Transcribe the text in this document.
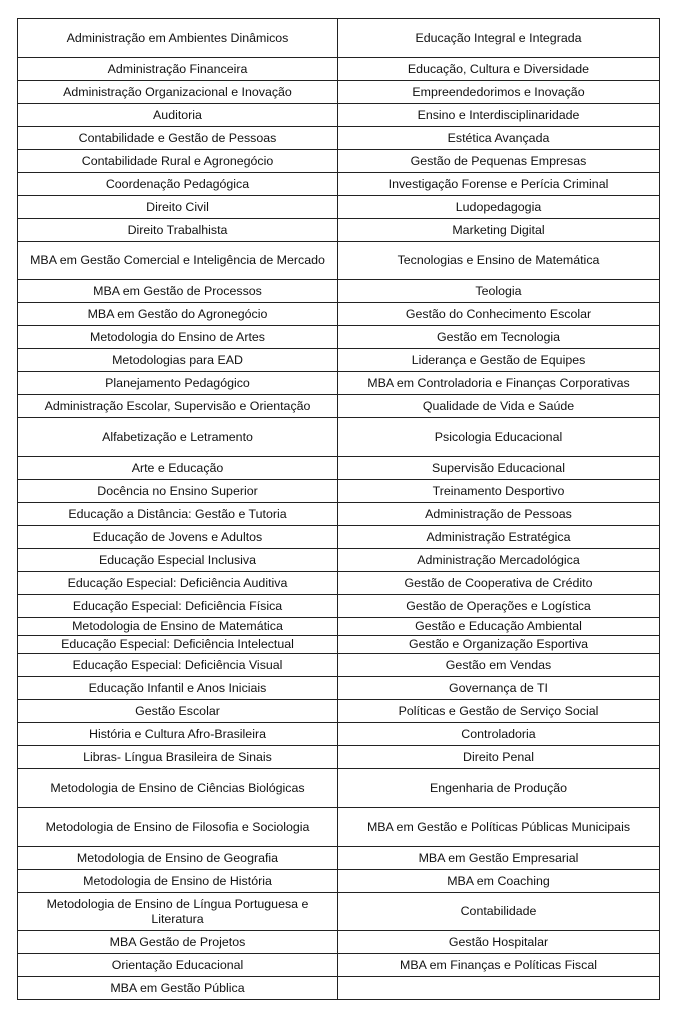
Administração em Ambientes Dinâmicos	Educação Integral e Integrada
Administração Financeira	Educação, Cultura e Diversidade
Administração Organizacional e Inovação	Empreendedorimos e Inovação
Auditoria	Ensino e Interdisciplinaridade
Contabilidade e Gestão de Pessoas	Estética Avançada
Contabilidade Rural e Agronegócio	Gestão de Pequenas Empresas
Coordenação Pedagógica	Investigação Forense e Perícia Criminal
Direito Civil	Ludopedagogia
Direito Trabalhista	Marketing Digital
MBA em Gestão Comercial e Inteligência de Mercado	Tecnologias e Ensino de Matemática
MBA em Gestão de Processos	Teologia
MBA em Gestão do Agronegócio	Gestão do Conhecimento Escolar
Metodologia do Ensino de Artes	Gestão em Tecnologia
Metodologias para EAD	Liderança e Gestão de Equipes
Planejamento Pedagógico	MBA em Controladoria e Finanças Corporativas
Administração Escolar, Supervisão e Orientação	Qualidade de Vida e Saúde
Alfabetização e Letramento	Psicologia Educacional
Arte e Educação	Supervisão Educacional
Docência no Ensino Superior	Treinamento Desportivo
Educação a Distância: Gestão e Tutoria	Administração de Pessoas
Educação de Jovens e Adultos	Administração Estratégica
Educação Especial Inclusiva	Administração Mercadológica
Educação Especial: Deficiência Auditiva	Gestão de Cooperativa de Crédito
Educação Especial: Deficiência Física	Gestão de Operações e Logística
Metodologia de Ensino de Matemática	Gestão e Educação Ambiental
Educação Especial: Deficiência Intelectual	Gestão e Organização Esportiva
Educação Especial: Deficiência Visual	Gestão em Vendas
Educação Infantil e Anos Iniciais	Governança de TI
Gestão Escolar	Políticas e Gestão de Serviço Social
História e Cultura Afro-Brasileira	Controladoria
Libras- Língua Brasileira de Sinais	Direito Penal
Metodologia de Ensino de Ciências Biológicas	Engenharia de Produção
Metodologia de Ensino de Filosofia e Sociologia	MBA em Gestão e Políticas Públicas Municipais
Metodologia de Ensino de Geografia	MBA em Gestão Empresarial
Metodologia de Ensino de História	MBA em Coaching
Metodologia de Ensino de Língua Portuguesa e Literatura	Contabilidade
MBA Gestão de Projetos	Gestão Hospitalar
Orientação Educacional	MBA em Finanças e Políticas Fiscal
MBA em Gestão Pública	
